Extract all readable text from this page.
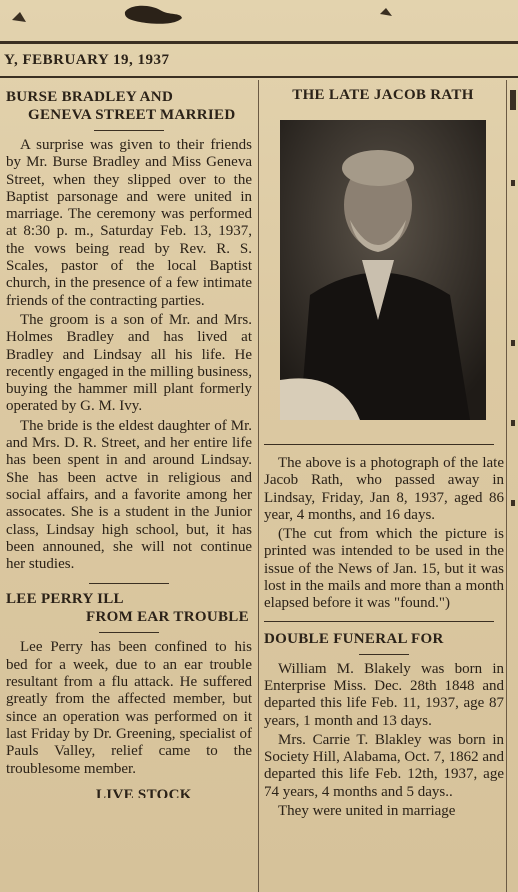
Y, FEBRUARY 19, 1937
BURSE BRADLEY AND
GENEVA STREET MARRIED

A surprise was given to their friends by Mr. Burse Bradley and Miss Geneva Street, when they slipped over to the Baptist parsonage and were united in marriage. The ceremony was performed at 8:30 p. m., Saturday Feb. 13, 1937, the vows being read by Rev. R. S. Scales, pastor of the local Baptist church, in the presence of a few intimate friends of the contracting parties.

The groom is a son of Mr. and Mrs. Holmes Bradley and has lived at Bradley and Lindsay all his life. He recently engaged in the milling business, buying the hammer mill plant formerly operated by G. M. Ivy.

The bride is the eldest daughter of Mr. and Mrs. D. R. Street, and her entire life has been spent in and around Lindsay. She has been actve in religious and social affairs, and a favorite among her assocates. She is a student in the Junior class, Lindsay high school, but, it has been announed, she will not continue her studies.

LEE PERRY ILL
FROM EAR TROUBLE

Lee Perry has been confined to his bed for a week, due to an ear trouble resultant from a flu attack. He suffered greatly from the affected member, but since an operation was performed on it last Friday by Dr. Greening, specialist of Pauls Valley, relief came to the troublesome member.

LIVE STOCK
THE LATE JACOB RATH

The above is a photograph of the late Jacob Rath, who passed away in Lindsay, Friday, Jan 8, 1937, aged 86 year, 4 months, and 16 days.

(The cut from which the picture is printed was intended to be used in the issue of the News of Jan. 15, but it was lost in the mails and more than a month elapsed before it was "found.")

DOUBLE FUNERAL FOR

William M. Blakely was born in Enterprise Miss. Dec. 28th 1848 and departed this life Feb. 11, 1937, age 87 years, 1 month and 13 days.

Mrs. Carrie T. Blakley was born in Society Hill, Alabama, Oct. 7, 1862 and departed this life Feb. 12th, 1937, age 74 years, 4 months and 5 days..

They were united in marriage
